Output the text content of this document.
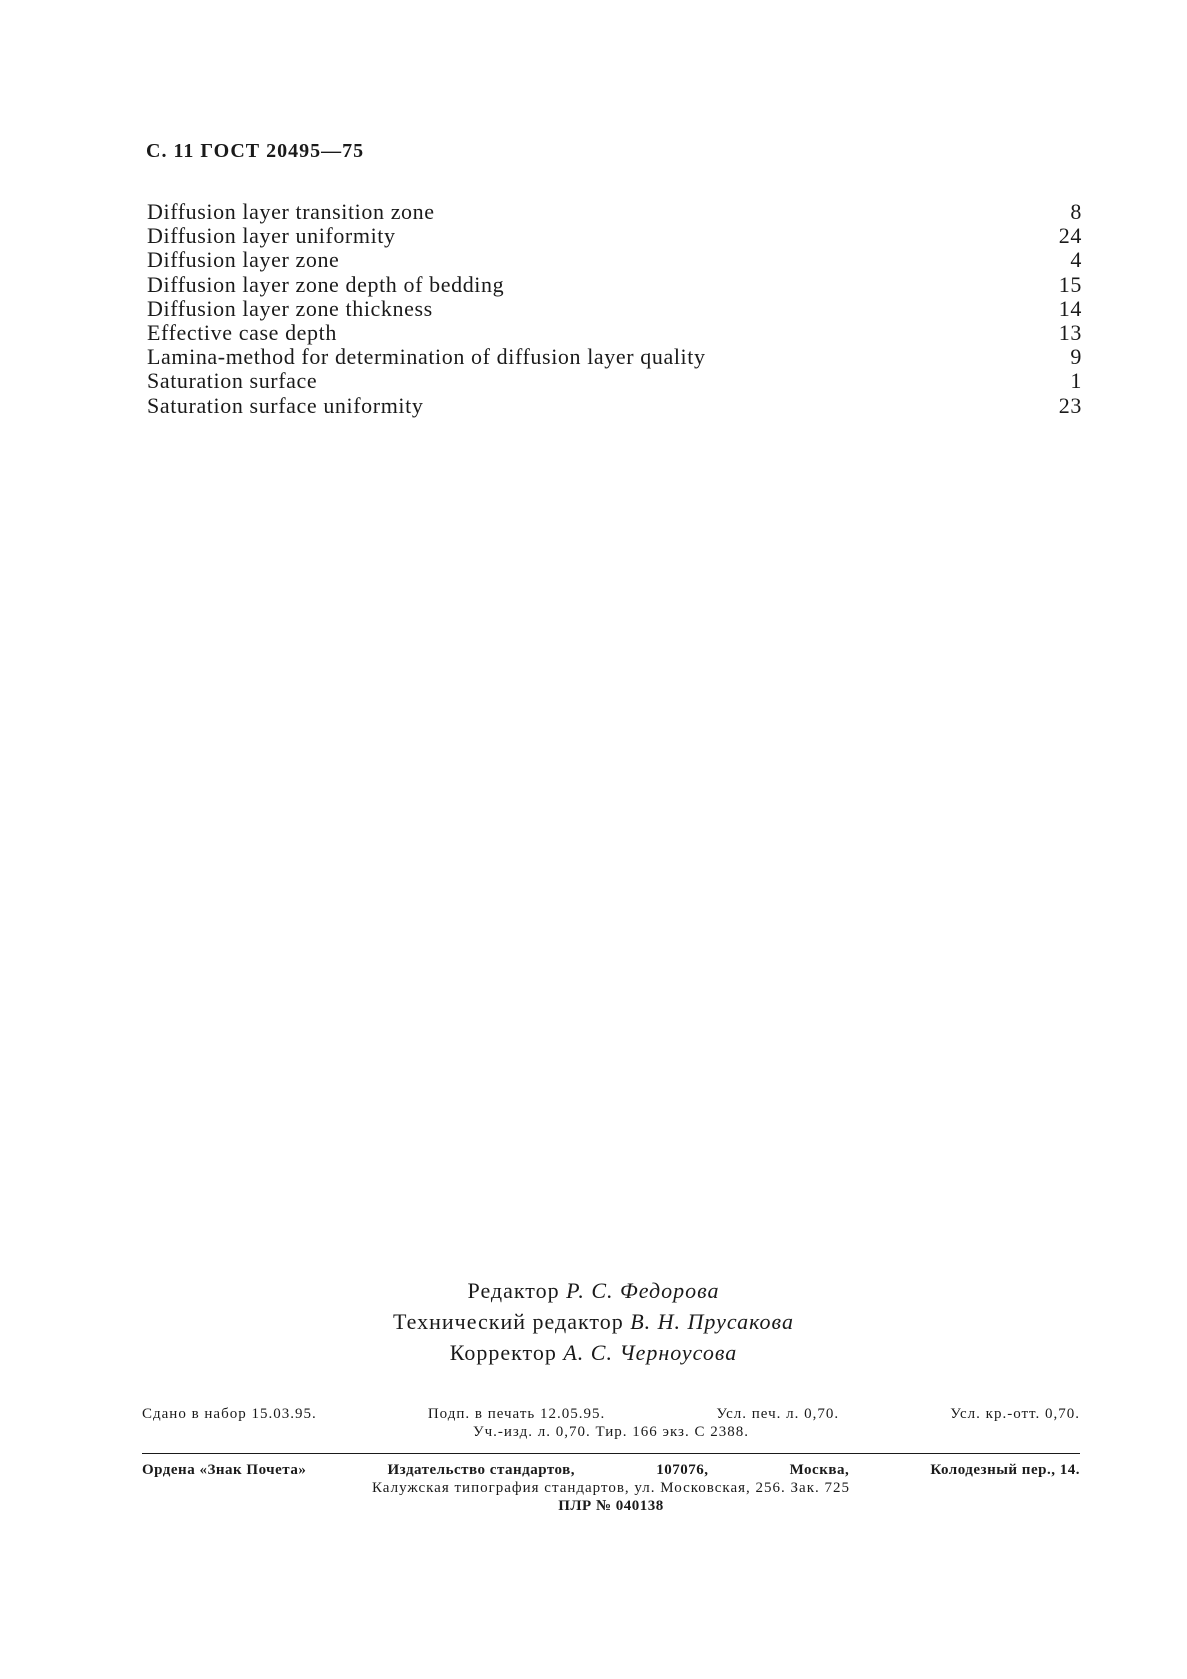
С. 11 ГОСТ 20495—75
Diffusion layer transition zone	8
Diffusion layer uniformity	24
Diffusion layer zone	4
Diffusion layer zone depth of bedding	15
Diffusion layer zone thickness	14
Effective case depth	13
Lamina-method for determination of diffusion layer quality	9
Saturation surface	1
Saturation surface uniformity	23
Редактор Р. С. Федорова
Технический редактор В. Н. Прусакова
Корректор А. С. Черноусова
Сдано в набор 15.03.95.	Подп. в печать 12.05.95.	Усл. печ. л. 0,70.	Усл. кр.-отт. 0,70.
Уч.-изд. л. 0,70. Тир. 166 экз. С 2388.
Ордена «Знак Почета»	Издательство стандартов,	107076,	Москва,	Колодезный пер., 14.
Калужская типография стандартов, ул. Московская, 256. Зак. 725
ПЛР № 040138
